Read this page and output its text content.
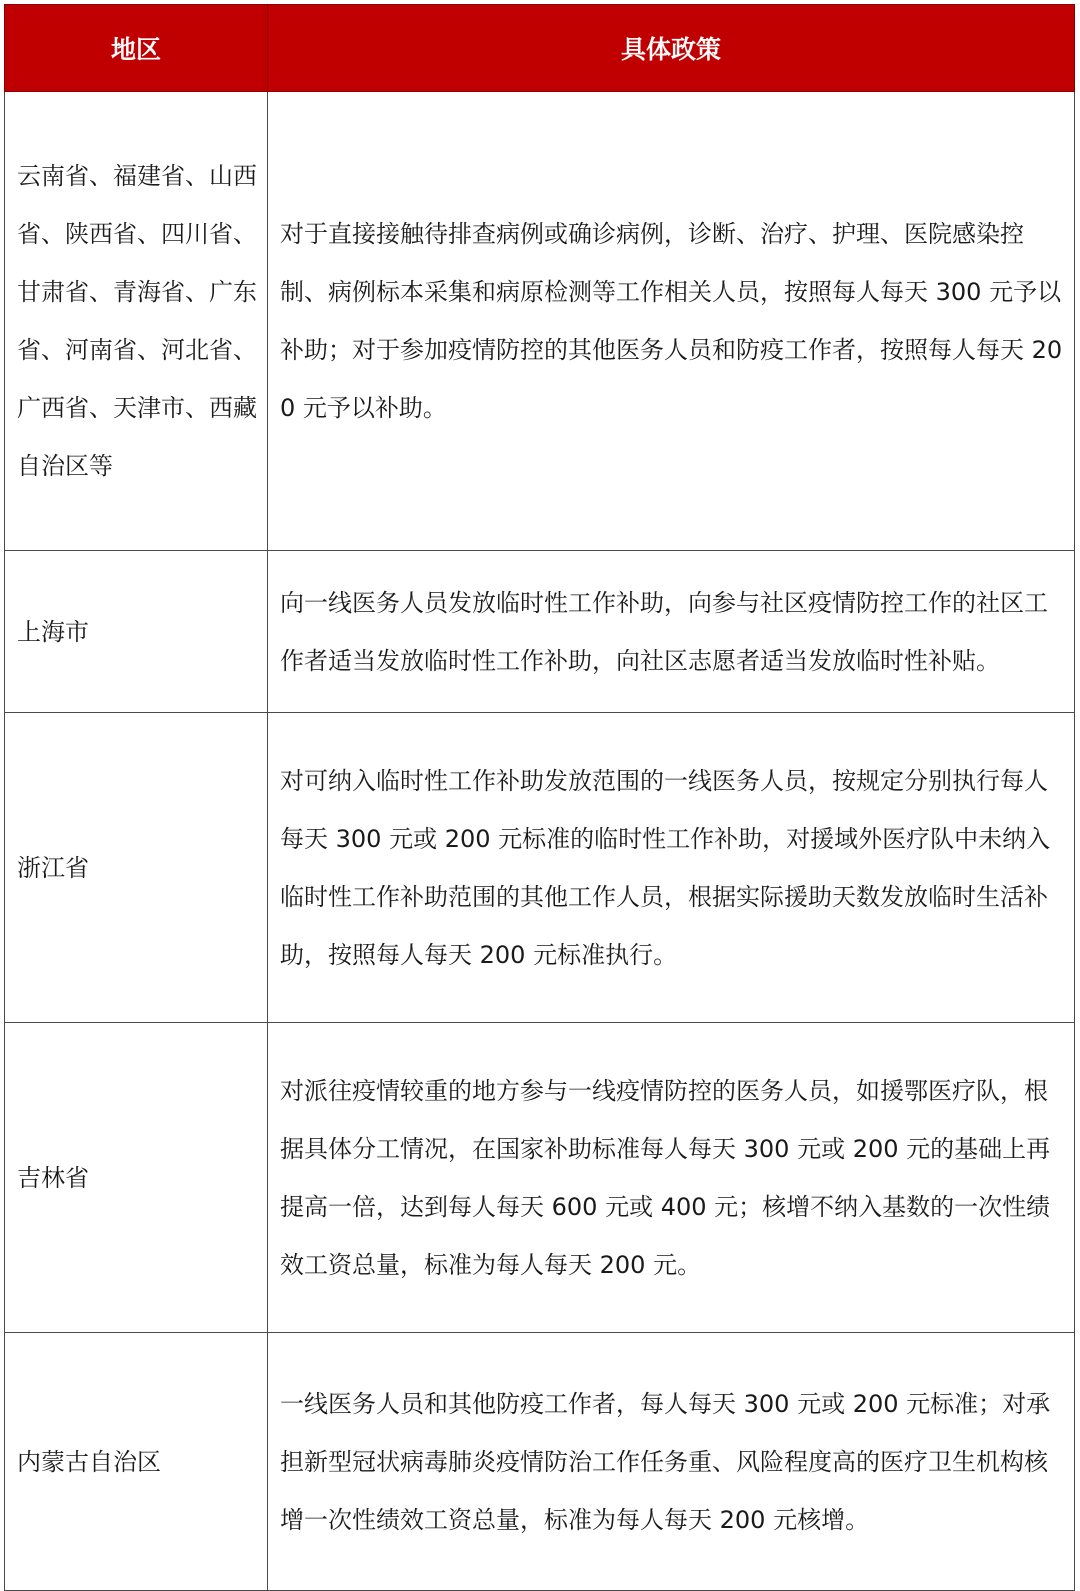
地区	具体政策
云南省、福建省、山西省、陕西省、四川省、甘肃省、青海省、广东省、河南省、河北省、广西省、天津市、西藏自治区等	对于直接接触待排查病例或确诊病例，诊断、治疗、护理、医院感染控制、病例标本采集和病原检测等工作相关人员，按照每人每天 300 元予以补助；对于参加疫情防控的其他医务人员和防疫工作者，按照每人每天 200 元予以补助。
上海市	向一线医务人员发放临时性工作补助，向参与社区疫情防控工作的社区工作者适当发放临时性工作补助，向社区志愿者适当发放临时性补贴。
浙江省	对可纳入临时性工作补助发放范围的一线医务人员，按规定分别执行每人每天 300 元或 200 元标准的临时性工作补助，对援域外医疗队中未纳入临时性工作补助范围的其他工作人员，根据实际援助天数发放临时生活补助，按照每人每天 200 元标准执行。
吉林省	对派往疫情较重的地方参与一线疫情防控的医务人员，如援鄂医疗队，根据具体分工情况，在国家补助标准每人每天 300 元或 200 元的基础上再提高一倍，达到每人每天 600 元或 400 元；核增不纳入基数的一次性绩效工资总量，标准为每人每天 200 元。
内蒙古自治区	一线医务人员和其他防疫工作者，每人每天 300 元或 200 元标准；对承担新型冠状病毒肺炎疫情防治工作任务重、风险程度高的医疗卫生机构核增一次性绩效工资总量，标准为每人每天 200 元核增。
